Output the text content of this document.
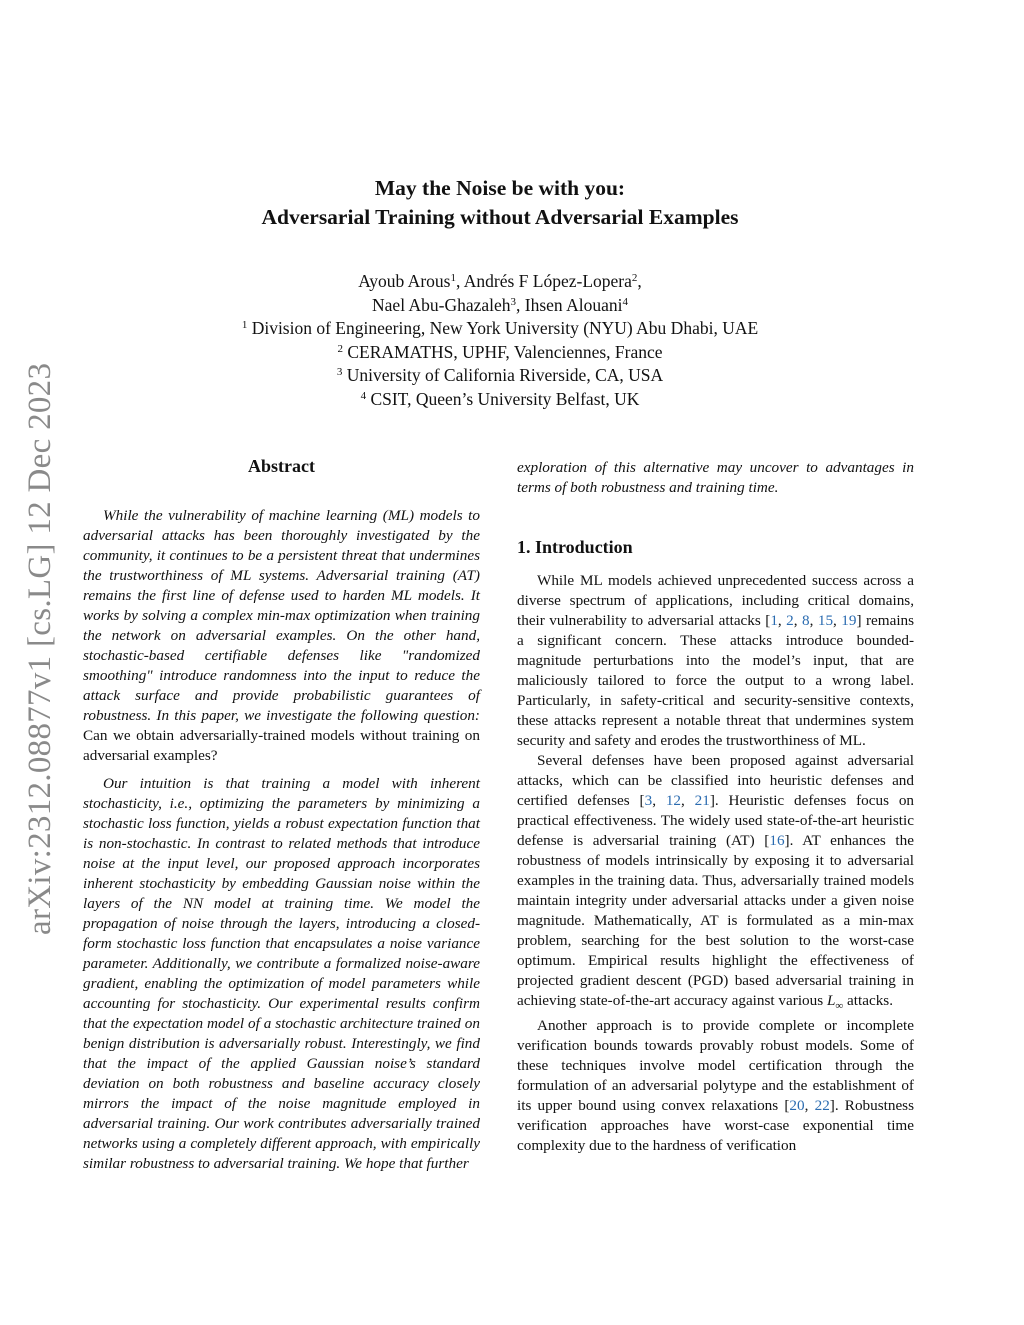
arXiv:2312.08877v1 [cs.LG] 12 Dec 2023
May the Noise be with you:
Adversarial Training without Adversarial Examples
Ayoub Arous$^1$, Andrés F López-Lopera$^2$,
Nael Abu-Ghazaleh$^3$, Ihsen Alouani$^4$
$^1$ Division of Engineering, New York University (NYU) Abu Dhabi, UAE
$^2$ CERAMATHS, UPHF, Valenciennes, France
$^3$ University of California Riverside, CA, USA
$^4$ CSIT, Queen’s University Belfast, UK
Abstract

While the vulnerability of machine learning (ML) models to adversarial attacks has been thoroughly investigated by the community, it continues to be a persistent threat that undermines the trustworthiness of ML systems. Adversarial training (AT) remains the first line of defense used to harden ML models. It works by solving a complex min-max optimization when training the network on adversarial examples. On the other hand, stochastic-based certifiable defenses like "randomized smoothing" introduce randomness into the input to reduce the attack surface and provide probabilistic guarantees of robustness. In this paper, we investigate the following question: Can we obtain adversarially-trained models without training on adversarial examples?

Our intuition is that training a model with inherent stochasticity, i.e., optimizing the parameters by minimizing a stochastic loss function, yields a robust expectation function that is non-stochastic. In contrast to related methods that introduce noise at the input level, our proposed approach incorporates inherent stochasticity by embedding Gaussian noise within the layers of the NN model at training time. We model the propagation of noise through the layers, introducing a closed-form stochastic loss function that encapsulates a noise variance parameter. Additionally, we contribute a formalized noise-aware gradient, enabling the optimization of model parameters while accounting for stochasticity. Our experimental results confirm that the expectation model of a stochastic architecture trained on benign distribution is adversarially robust. Interestingly, we find that the impact of the applied Gaussian noise’s standard deviation on both robustness and baseline accuracy closely mirrors the impact of the noise magnitude employed in adversarial training. Our work contributes adversarially trained networks using a completely different approach, with empirically similar robustness to adversarial training. We hope that further

exploration of this alternative may uncover to advantages in terms of both robustness and training time.

1. Introduction

While ML models achieved unprecedented success across a diverse spectrum of applications, including critical domains, their vulnerability to adversarial attacks [1, 2, 8, 15, 19] remains a significant concern. These attacks introduce bounded-magnitude perturbations into the model’s input, that are maliciously tailored to force the output to a wrong label. Particularly, in safety-critical and security-sensitive contexts, these attacks represent a notable threat that undermines system security and safety and erodes the trustworthiness of ML.

Several defenses have been proposed against adversarial attacks, which can be classified into heuristic defenses and certified defenses [3, 12, 21]. Heuristic defenses focus on practical effectiveness. The widely used state-of-the-art heuristic defense is adversarial training (AT) [16]. AT enhances the robustness of models intrinsically by exposing it to adversarial examples in the training data. Thus, adversarially trained models maintain integrity under adversarial attacks under a given noise magnitude. Mathematically, AT is formulated as a min-max problem, searching for the best solution to the worst-case optimum. Empirical results highlight the effectiveness of projected gradient descent (PGD) based adversarial training in achieving state-of-the-art accuracy against various $L_\infty$ attacks.

Another approach is to provide complete or incomplete verification bounds towards provably robust models. Some of these techniques involve model certification through the formulation of an adversarial polytype and the establishment of its upper bound using convex relaxations [20, 22]. Robustness verification approaches have worst-case exponential time complexity due to the hardness of verification
